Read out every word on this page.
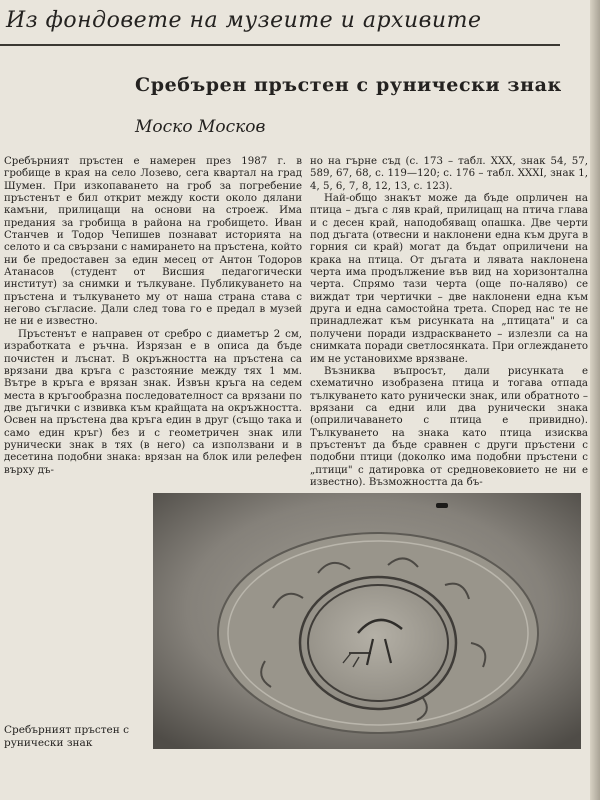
Из фондовете на музеите и архивите
Сребърен пръстен с рунически знак
Моско Москов

Сребърният пръстен е намерен през 1987 г. в гробище в края на село Лозево, сега квартал на град Шумен. При изкопаването на гроб за погребение пръстенът е бил открит между кости около дялани камъни, прилицащи на основи на строеж. Има предания за гробища в района на гробището. Иван Станчев и Тодор Чепишев познават историята на селото и са свързани с намирането на пръстена, който ни бе предоставен за един месец от Антон Тодоров Атанасов (студент от Висшия педагогически институт) за снимки и тълкуване. Публикуването на пръстена и тълкуването му от наша страна става с негово съгласие. Дали след това го е предал в музей не ни е известно.

Пръстенът е направен от сребро с диаметър 2 см, изработката е ръчна. Изрязан е в описа да бъде почистен и лъснат. В окръжността на пръстена са врязани два кръга с разстояние между тях 1 мм. Вътре в кръга е врязан знак. Извън кръга на седем места в кръгообразна последователност са врязани по две дъгички с извивка към крайщата на окръжността. Освен на пръстена два кръга един в друг (също така и само един кръг) без и с геометричен знак или рунически знак в тях (в него) са използвани и в десетина подобни знака: врязан на блок или релефен върху дъ-

но на гърне съд (с. 173 – табл. XXX, знак 54, 57, 589, 67, 68, с. 119—120; с. 176 – табл. XXXI, знак 1, 4, 5, 6, 7, 8, 12, 13, с. 123).

Най-общо знакът може да бъде опрличен на птица – дъга с ляв край, прилицащ на птича глава и с десен край, наподобяващ опашка. Две черти под дъгата (отвесни и наклонени една към друга в горния си край) могат да бъдат оприличени на крака на птица. От дъгата и лявата наклонена черта има продължение във вид на хоризонтална черта. Спрямо тази черта (още по-наляво) се виждат три чертички – две наклонени една към друга и една самостойна трета. Според нас те не принадлежат към рисунката на „птицата" и са получени поради издраскването – излезли са на снимката поради светлосянката. При оглеждането им не установихме врязване.

Възниква въпросът, дали рисунката е схематично изобразена птица и тогава отпада тълкуването като рунически знак, или обратното – врязани са едни или два рунически знака (оприличаването с птица е привидно). Тълкуването на знака като птица изисква пръстенът да бъде сравнен с други пръстени с подобни птици (доколко има подобни пръстени с „птици" с датировка от средновековието не ни е известно). Възможността да бъ-

Сребърният пръстен с рунически знак
